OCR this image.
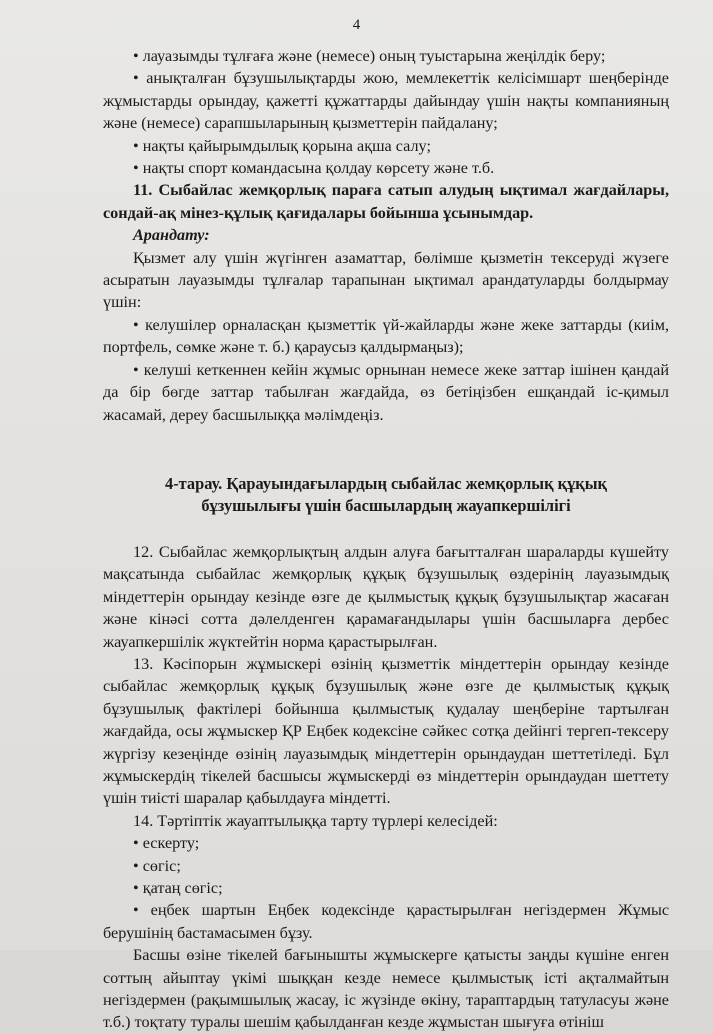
4

• лауазымды тұлғаға және (немесе) оның туыстарына жеңілдік беру;

• анықталған бұзушылықтарды жою, мемлекеттік келісімшарт шеңберінде жұмыстарды орындау, қажетті құжаттарды дайындау үшін нақты компанияның және (немесе) сарапшыларының қызметтерін пайдалану;

• нақты қайырымдылық қорына ақша салу;

• нақты спорт командасына қолдау көрсету және т.б.

11. Сыбайлас жемқорлық параға сатып алудың ықтимал жағдайлары, сондай-ақ мінез-құлық қағидалары бойынша ұсынымдар.

Арандату:

Қызмет алу үшін жүгінген азаматтар, бөлімше қызметін тексеруді жүзеге асыратын лауазымды тұлғалар тарапынан ықтимал арандатуларды болдырмау үшін:

• келушілер орналасқан қызметтік үй-жайларды және жеке заттарды (киім, портфель, сөмке және т. б.) қараусыз қалдырмаңыз);

• келуші кеткеннен кейін жұмыс орнынан немесе жеке заттар ішінен қандай да бір бөгде заттар табылған жағдайда, өз бетіңізбен ешқандай іс-қимыл жасамай, дереу басшылыққа мәлімдеңіз.

4-тарау. Қарауындағылардың сыбайлас жемқорлық құқық бұзушылығы үшін басшылардың жауапкершілігі

12. Сыбайлас жемқорлықтың алдын алуға бағытталған шараларды күшейту мақсатында сыбайлас жемқорлық құқық бұзушылық өздерінің лауазымдық міндеттерін орындау кезінде өзге де қылмыстық құқық бұзушылықтар жасаған және кінәсі сотта дәлелденген қарамағандылары үшін басшыларға дербес жауапкершілік жүктейтін норма қарастырылған.

13. Кәсіпорын жұмыскері өзінің қызметтік міндеттерін орындау кезінде сыбайлас жемқорлық құқық бұзушылық және өзге де қылмыстық құқық бұзушылық фактілері бойынша қылмыстық қудалау шеңберіне тартылған жағдайда, осы жұмыскер ҚР Еңбек кодексіне сәйкес сотқа дейінгі тергеп-тексеру жүргізу кезеңінде өзінің лауазымдық міндеттерін орындаудан шеттетіледі. Бұл жұмыскердің тікелей басшысы жұмыскерді өз міндеттерін орындаудан шеттету үшін тиісті шаралар қабылдауға міндетті.

14. Тәртіптік жауаптылыққа тарту түрлері келесідей:

• ескерту;

• сөгіс;

• қатаң сөгіс;

• еңбек шартын Еңбек кодексінде қарастырылған негіздермен Жұмыс берушінің бастамасымен бұзу.

Басшы өзіне тікелей бағынышты жұмыскерге қатысты заңды күшіне енген соттың айыптау үкімі шыққан кезде немесе қылмыстық істі ақталмайтын негіздермен (рақымшылық жасау, іс жүзінде өкіну, тараптардың татуласуы және т.б.) тоқтату туралы шешім қабылданған кезде жұмыстан шығуға өтініш
